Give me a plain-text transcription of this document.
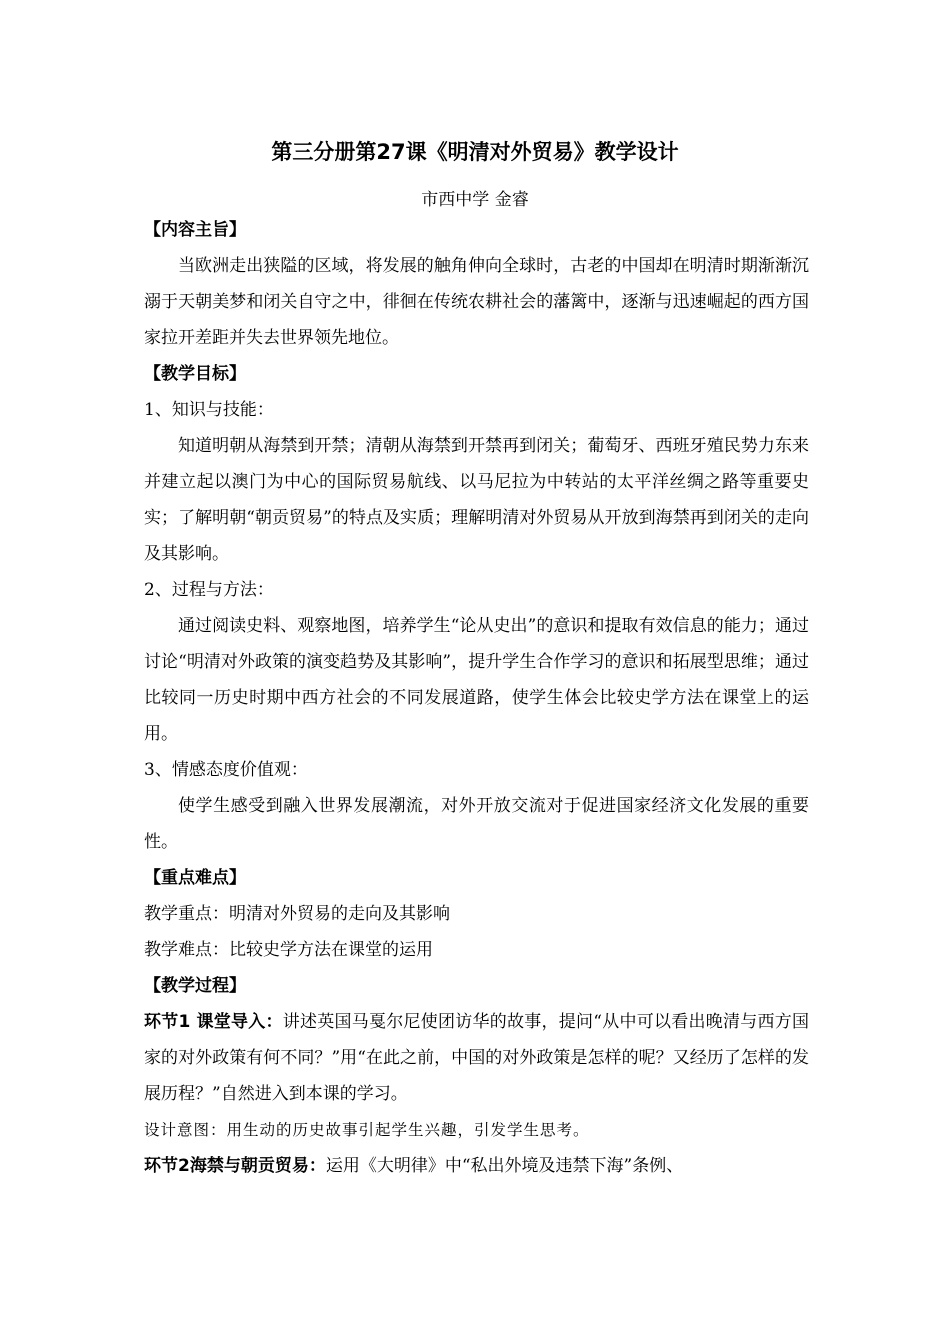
第三分册第27课《明清对外贸易》教学设计

市西中学 金睿

【内容主旨】

当欧洲走出狭隘的区域，将发展的触角伸向全球时，古老的中国却在明清时期渐渐沉溺于天朝美梦和闭关自守之中，徘徊在传统农耕社会的藩篱中，逐渐与迅速崛起的西方国家拉开差距并失去世界领先地位。

【教学目标】

1、知识与技能：

知道明朝从海禁到开禁；清朝从海禁到开禁再到闭关；葡萄牙、西班牙殖民势力东来并建立起以澳门为中心的国际贸易航线、以马尼拉为中转站的太平洋丝绸之路等重要史实；了解明朝“朝贡贸易”的特点及实质；理解明清对外贸易从开放到海禁再到闭关的走向及其影响。

2、过程与方法：

通过阅读史料、观察地图，培养学生“论从史出”的意识和提取有效信息的能力；通过讨论“明清对外政策的演变趋势及其影响”，提升学生合作学习的意识和拓展型思维；通过比较同一历史时期中西方社会的不同发展道路，使学生体会比较史学方法在课堂上的运用。

3、情感态度价值观：

使学生感受到融入世界发展潮流，对外开放交流对于促进国家经济文化发展的重要性。

【重点难点】

教学重点：明清对外贸易的走向及其影响

教学难点：比较史学方法在课堂的运用

【教学过程】

环节1 课堂导入：讲述英国马戛尔尼使团访华的故事，提问“从中可以看出晚清与西方国家的对外政策有何不同？”用“在此之前，中国的对外政策是怎样的呢？又经历了怎样的发展历程？”自然进入到本课的学习。

设计意图：用生动的历史故事引起学生兴趣，引发学生思考。

环节2海禁与朝贡贸易：运用《大明律》中“私出外境及违禁下海”条例、
